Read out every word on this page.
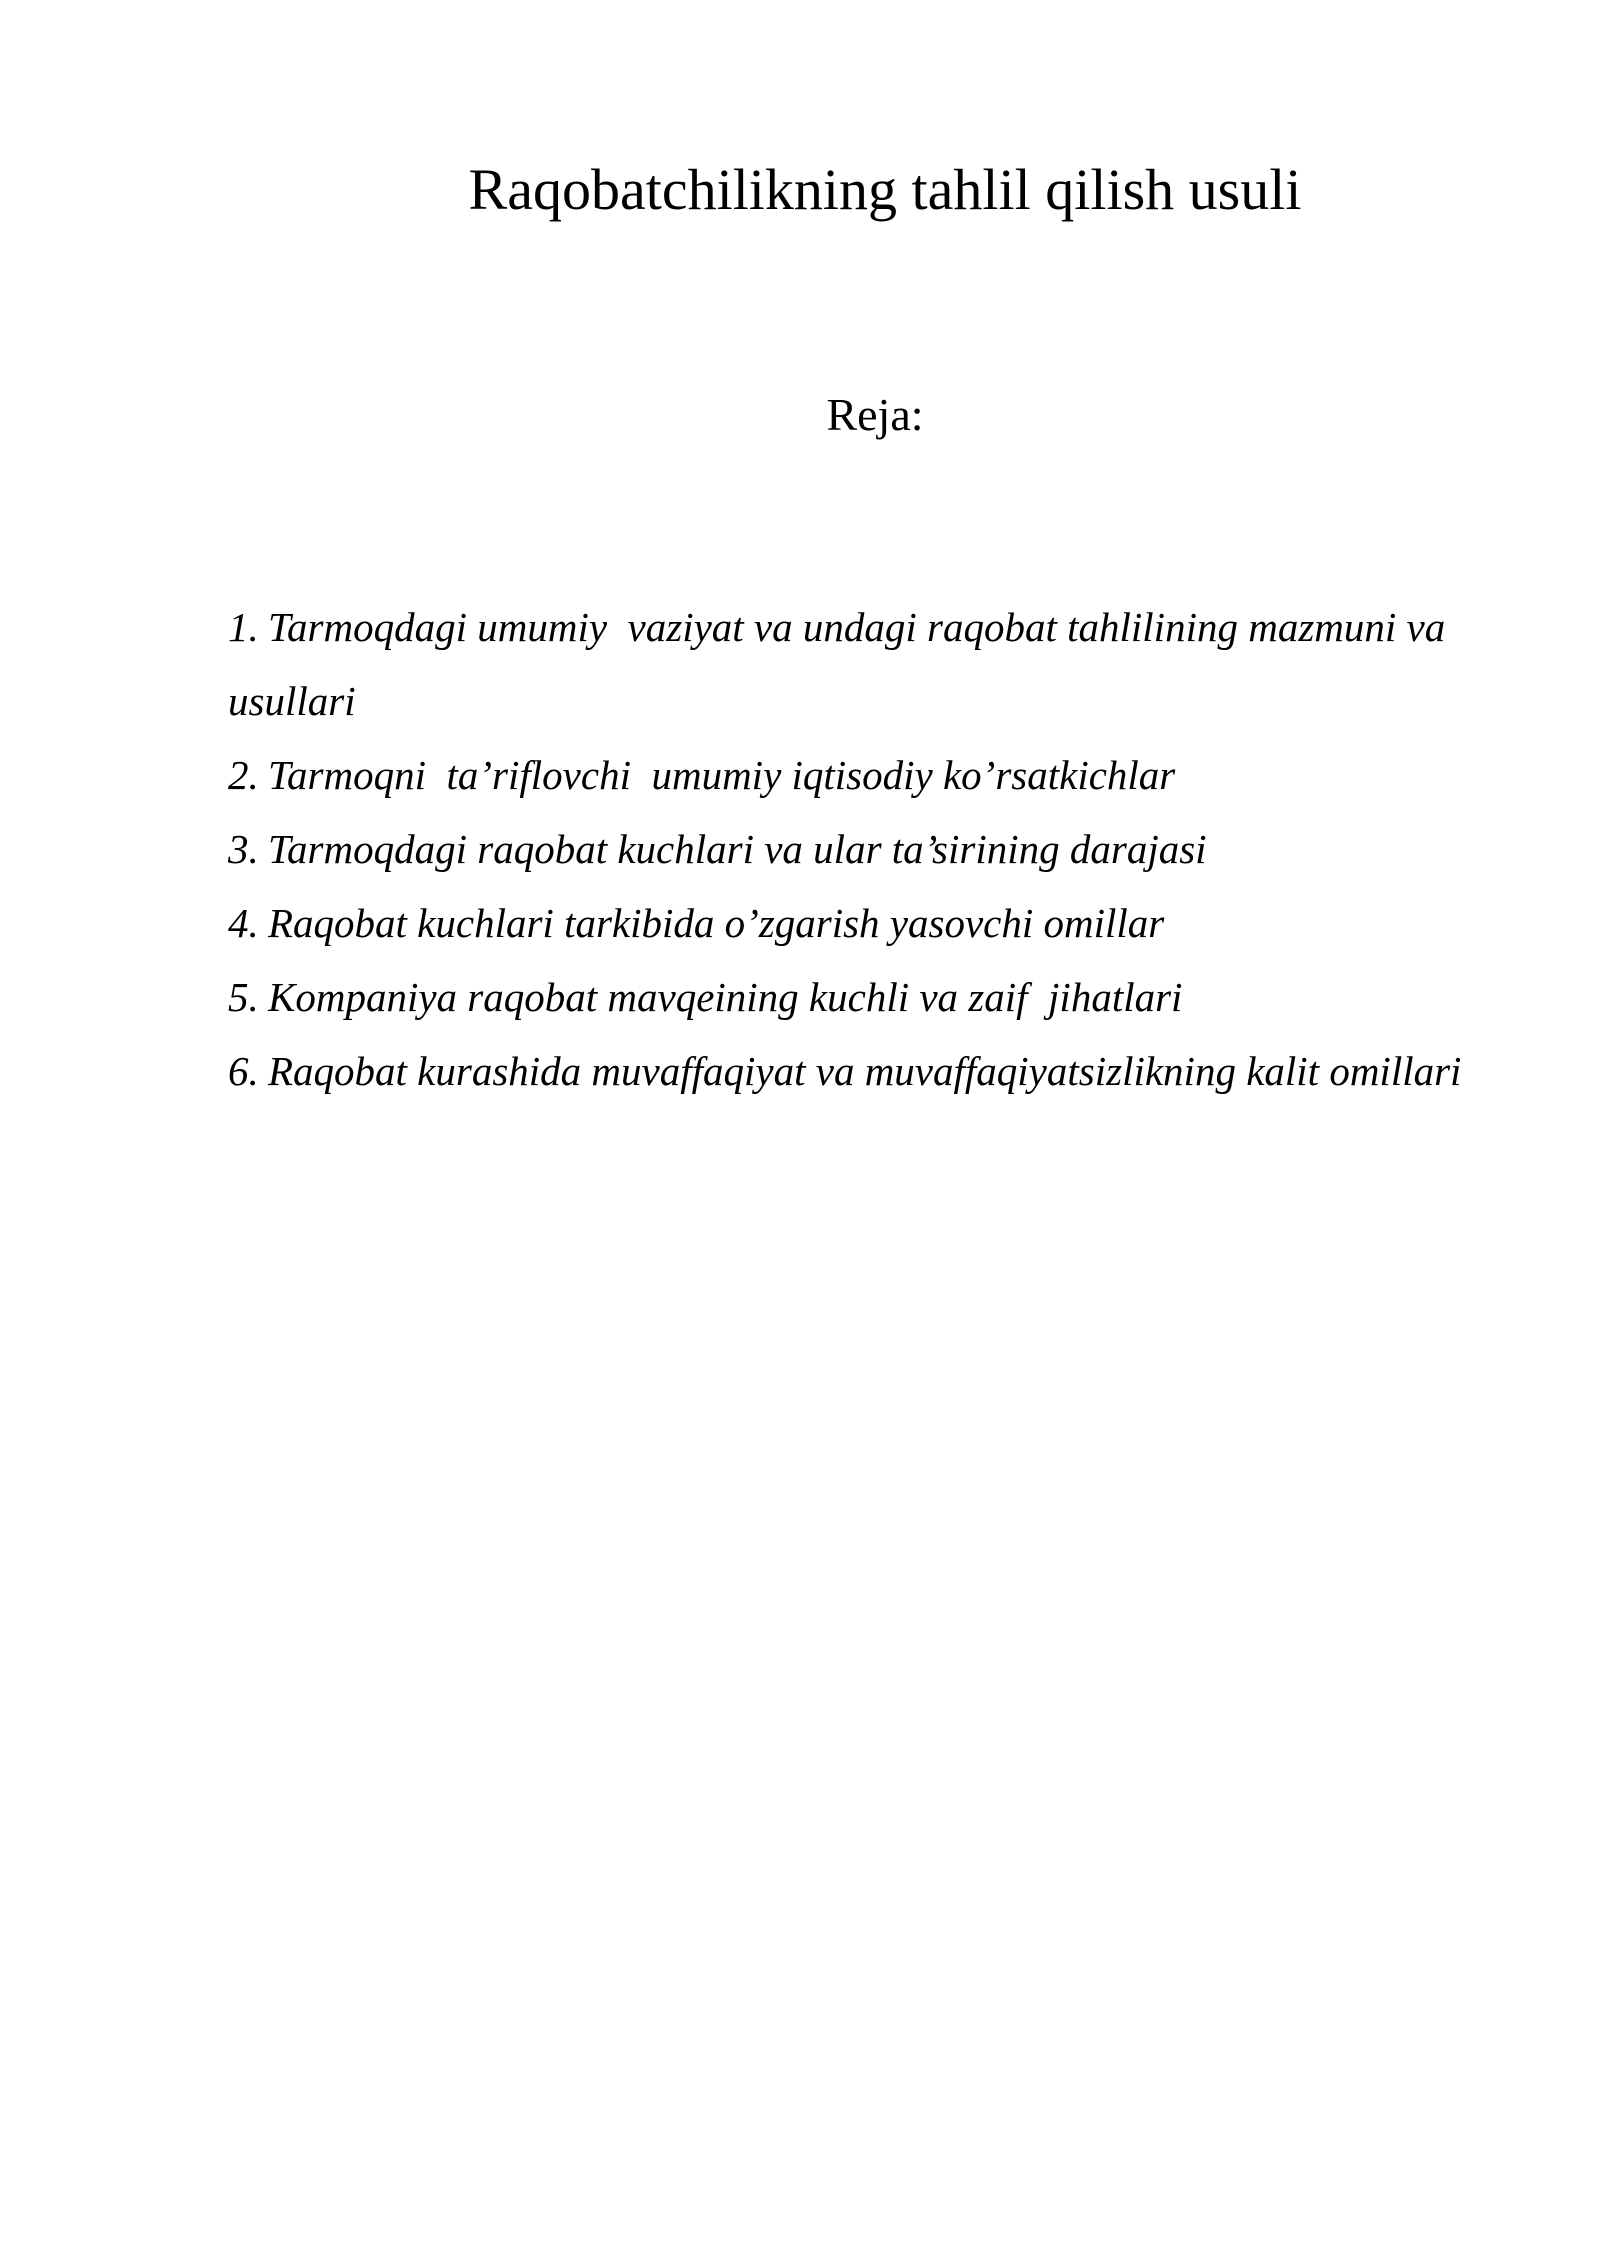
Raqobatchilikning tahlil qilish usuli
Reja:
1. Tarmoqdagi umumiy  vaziyat va undagi raqobat tahlilining mazmuni va usullari
2. Tarmoqni  ta’riflovchi  umumiy iqtisodiy ko’rsatkichlar
3. Tarmoqdagi raqobat kuchlari va ular ta’sirining darajasi
4. Raqobat kuchlari tarkibida o’zgarish yasovchi omillar
5. Kompaniya raqobat mavqeining kuchli va zaif  jihatlari
6. Raqobat kurashida muvaffaqiyat va muvaffaqiyatsizlikning kalit omillari
